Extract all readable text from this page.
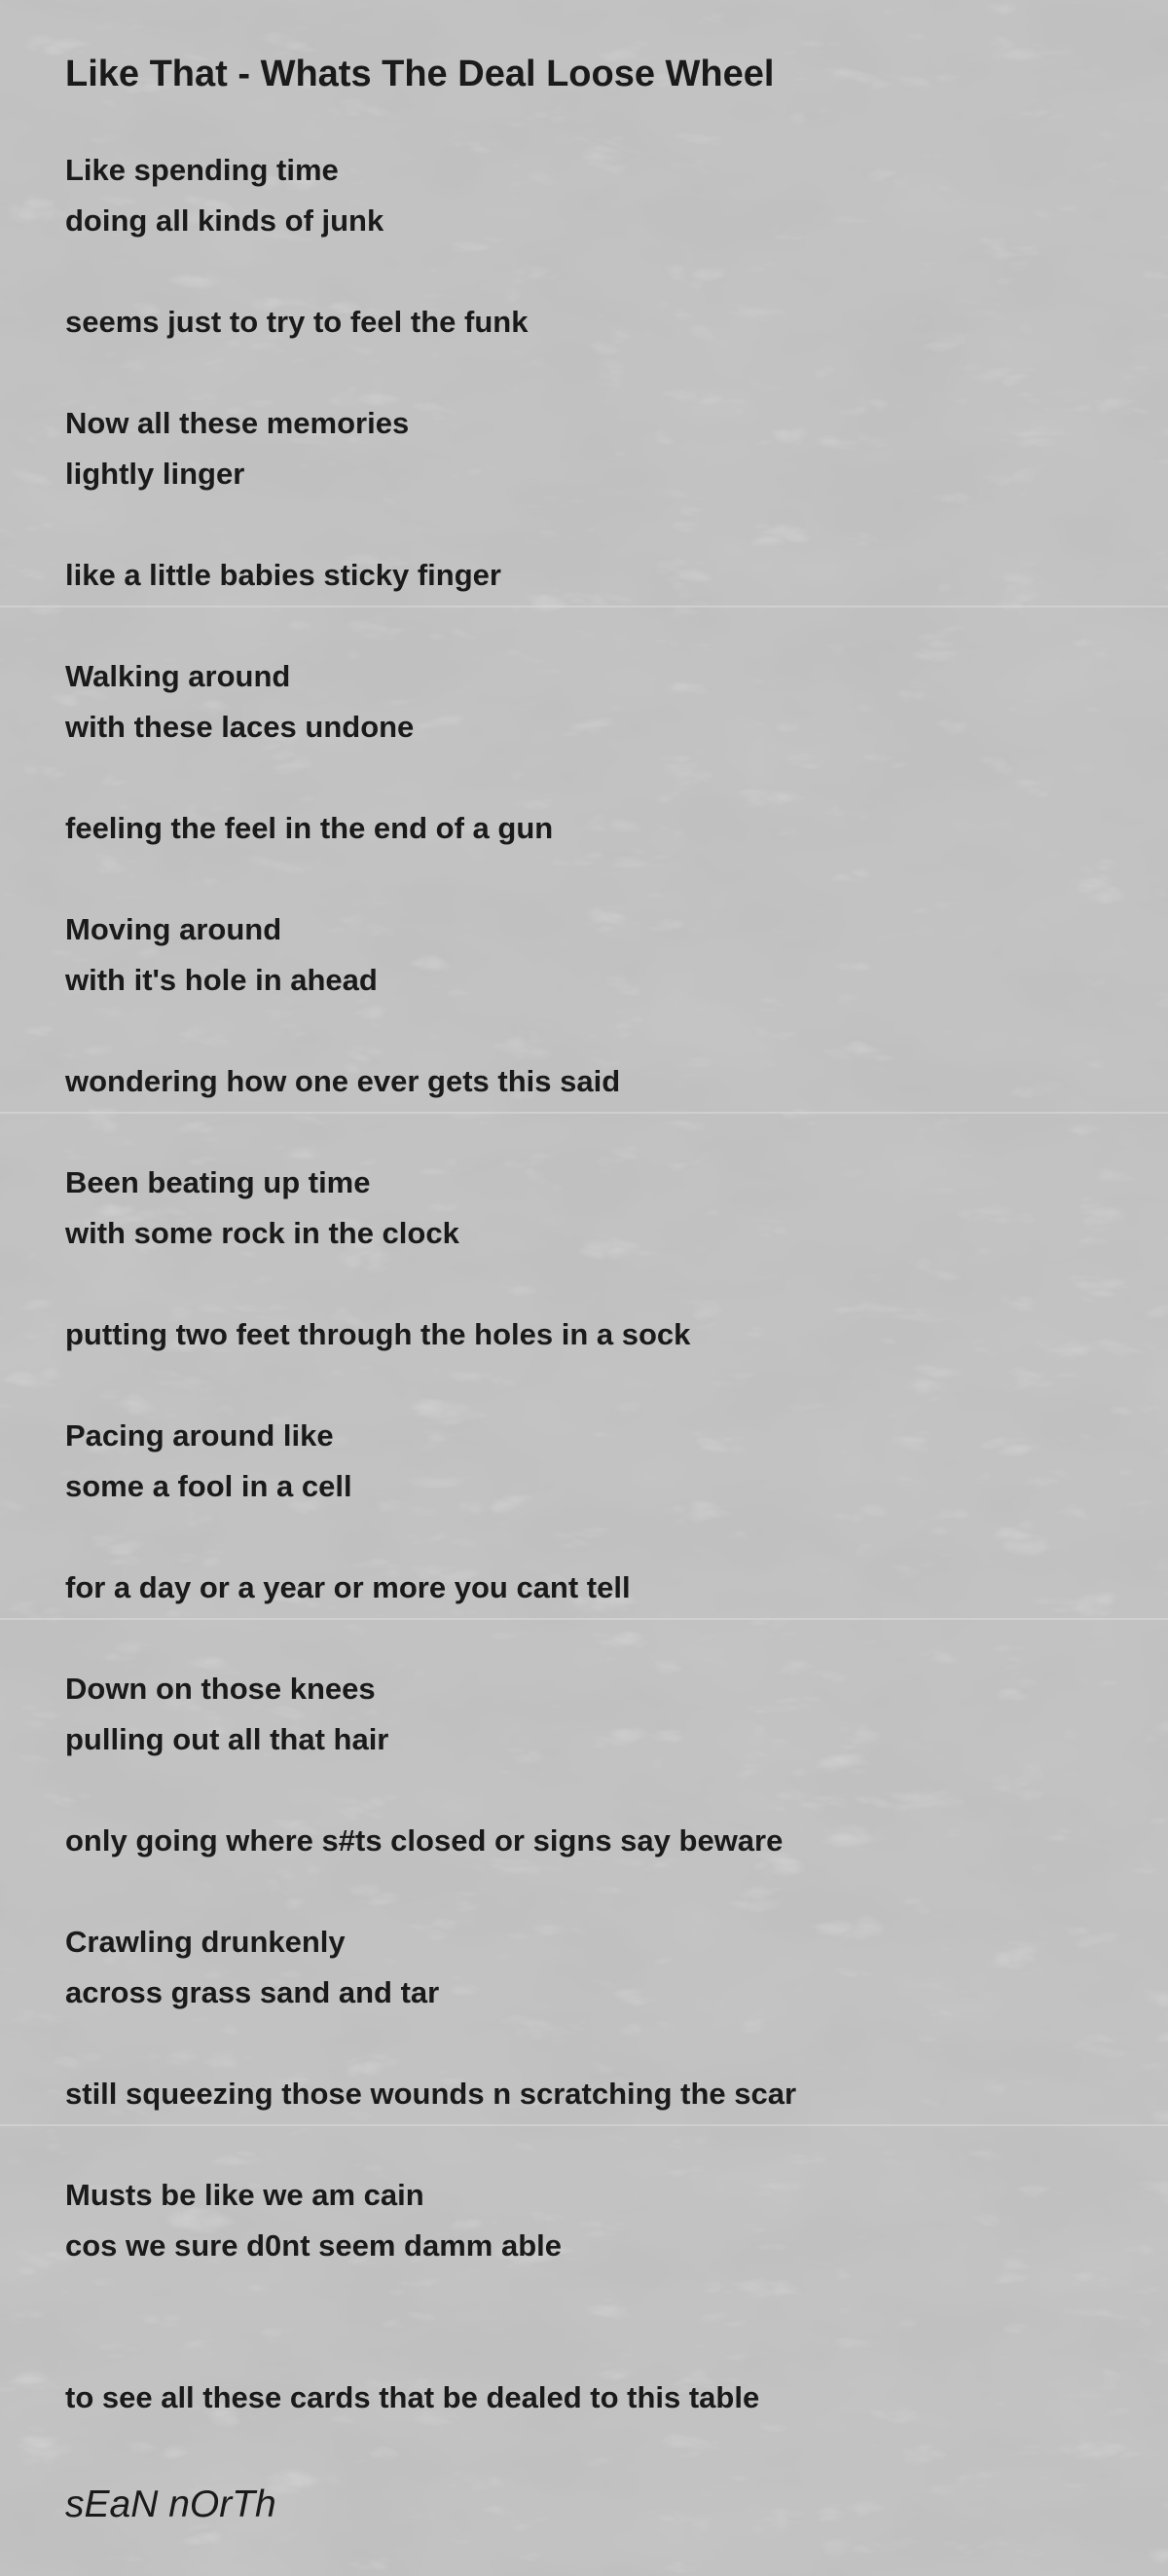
Like That - Whats The Deal Loose Wheel

Like spending time

doing all kinds of junk

seems just to try to feel the funk

Now all these memories

lightly linger

like a little babies sticky finger

Walking around

with these laces undone

feeling the feel in the end of a gun

Moving around

with it's hole in ahead

wondering how one ever gets this said

Been beating up time

with some rock in the clock

putting two feet through the holes in a sock

Pacing around like

some a fool in a cell

for a day or a year or more you cant tell

Down on those knees

pulling out all that hair

only going where s#ts closed or signs say beware

Crawling drunkenly

across grass sand and tar

still squeezing those wounds n scratching the scar

Musts be like we am cain

cos we sure d0nt seem damm able

to see all these cards that be dealed to this table

sEaN nOrTh
